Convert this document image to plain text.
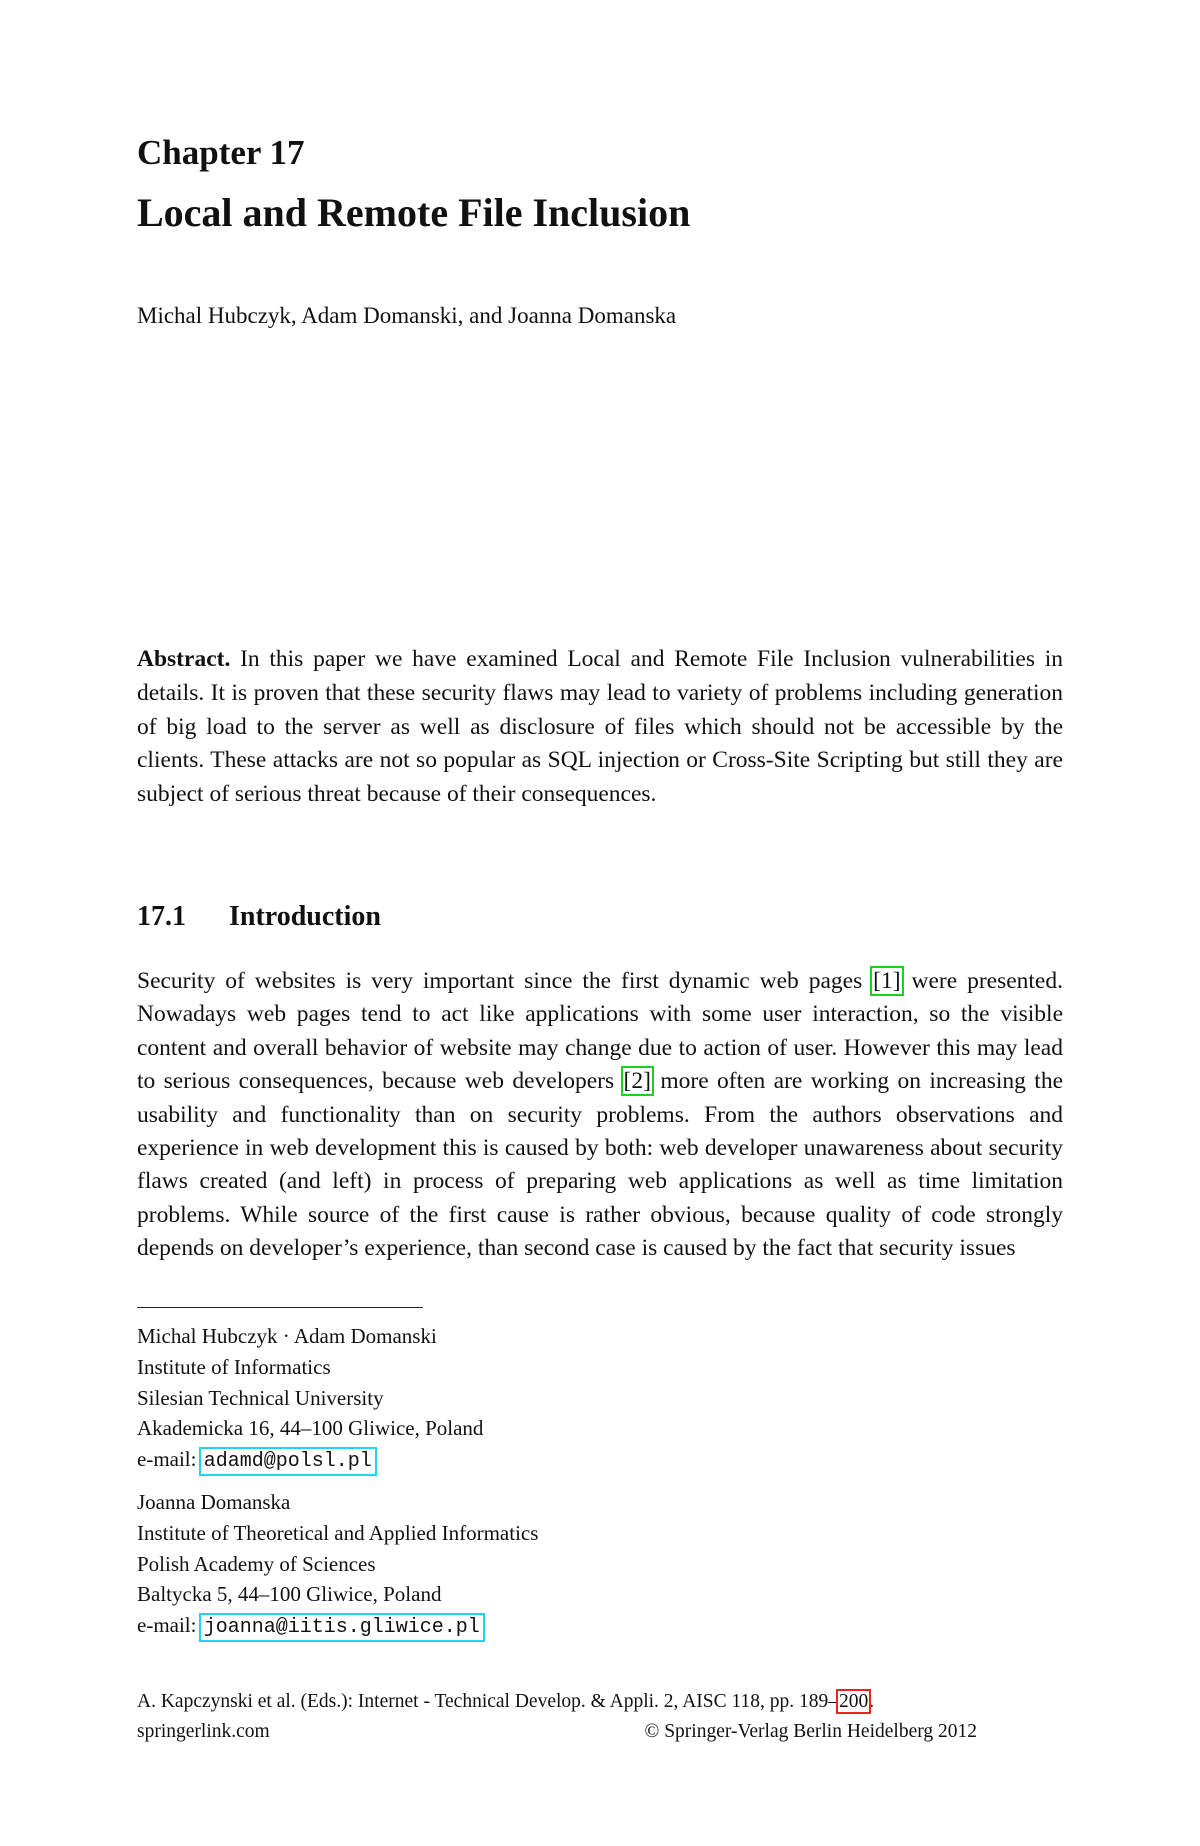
Chapter 17
Local and Remote File Inclusion
Michal Hubczyk, Adam Domanski, and Joanna Domanska
Abstract. In this paper we have examined Local and Remote File Inclusion vulnerabilities in details. It is proven that these security flaws may lead to variety of problems including generation of big load to the server as well as disclosure of files which should not be accessible by the clients. These attacks are not so popular as SQL injection or Cross-Site Scripting but still they are subject of serious threat because of their consequences.
17.1 Introduction
Security of websites is very important since the first dynamic web pages [1] were presented. Nowadays web pages tend to act like applications with some user interaction, so the visible content and overall behavior of website may change due to action of user. However this may lead to serious consequences, because web developers [2] more often are working on increasing the usability and functionality than on security problems. From the authors observations and experience in web development this is caused by both: web developer unawareness about security flaws created (and left) in process of preparing web applications as well as time limitation problems. While source of the first cause is rather obvious, because quality of code strongly depends on developer’s experience, than second case is caused by the fact that security issues
Michal Hubczyk · Adam Domanski
Institute of Informatics
Silesian Technical University
Akademicka 16, 44–100 Gliwice, Poland
e-mail: adamd@polsl.pl
Joanna Domanska
Institute of Theoretical and Applied Informatics
Polish Academy of Sciences
Baltycka 5, 44–100 Gliwice, Poland
e-mail: joanna@iitis.gliwice.pl
A. Kapczynski et al. (Eds.): Internet - Technical Develop. & Appli. 2, AISC 118, pp. 189–200.
springerlink.com	© Springer-Verlag Berlin Heidelberg 2012
